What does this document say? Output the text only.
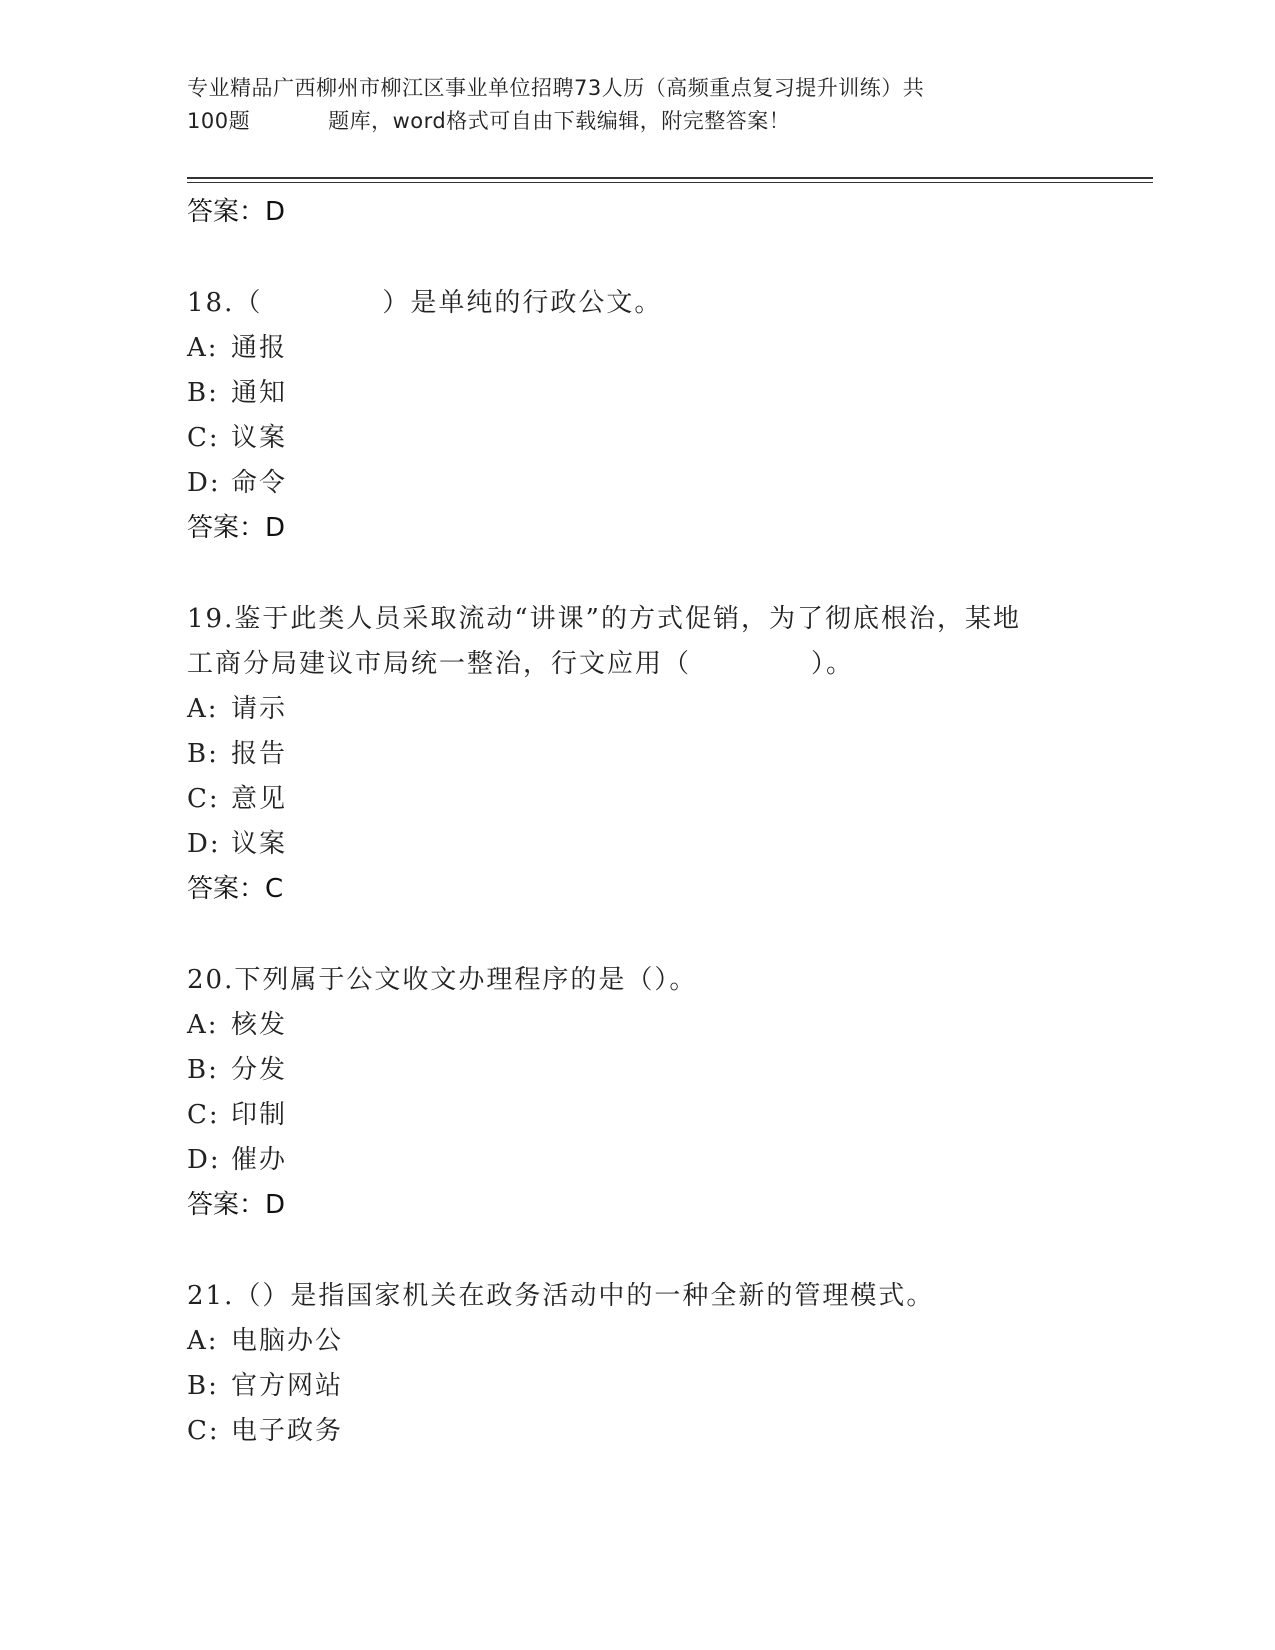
专业精品广西柳州市柳江区事业单位招聘73人历（高频重点复习提升训练）共
100题	题库，word格式可自由下载编辑，附完整答案！
答案：D
18.（	）是单纯的行政公文。
A: 通报
B: 通知
C: 议案
D: 命令
答案：D
19.鉴于此类人员采取流动“讲课”的方式促销，为了彻底根治，某地
工商分局建议市局统一整治，行文应用（	）。
A: 请示
B: 报告
C: 意见
D: 议案
答案：C
20.下列属于公文收文办理程序的是（）。
A: 核发
B: 分发
C: 印制
D: 催办
答案：D
21.（）是指国家机关在政务活动中的一种全新的管理模式。
A: 电脑办公
B: 官方网站
C: 电子政务
